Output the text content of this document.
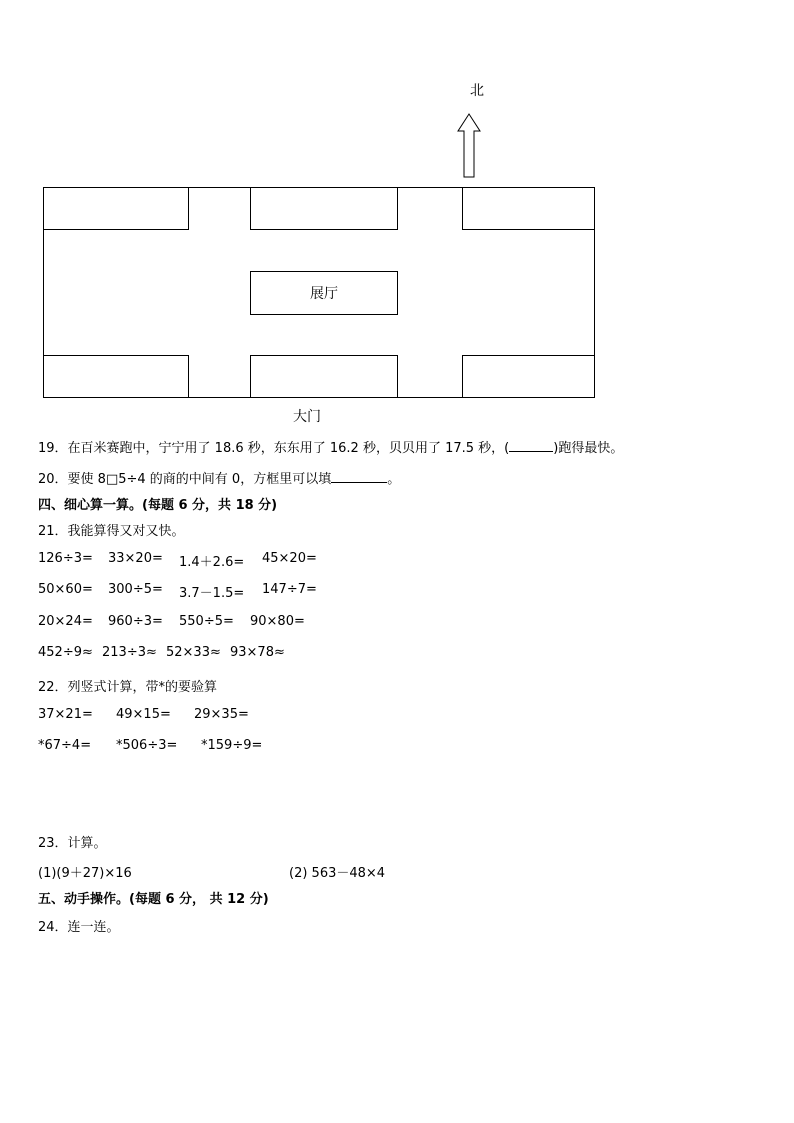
北
展厅
大门
19．在百米赛跑中，宁宁用了 18.6 秒，东东用了 16.2 秒，贝贝用了 17.5 秒，(	)跑得最快。
20．要使 8□5÷4 的商的中间有 0，方框里可以填	。
四、细心算一算。(每题 6 分，共 18 分)
21．我能算得又对又快。
126÷3=	33×20=	1.4＋2.6=	45×20=
50×60=	300÷5=	3.7－1.5=	147÷7=
20×24=	960÷3=	550÷5=	90×80=
452÷9≈ 213÷3≈ 52×33≈ 93×78≈
22．列竖式计算，带*的要验算
37×21=	49×15=	29×35=
*67÷4=	*506÷3=	*159÷9=
23．计算。
(1)(9＋27)×16	(2) 563－48×4
五、动手操作。(每题 6 分， 共 12 分)
24．连一连。
